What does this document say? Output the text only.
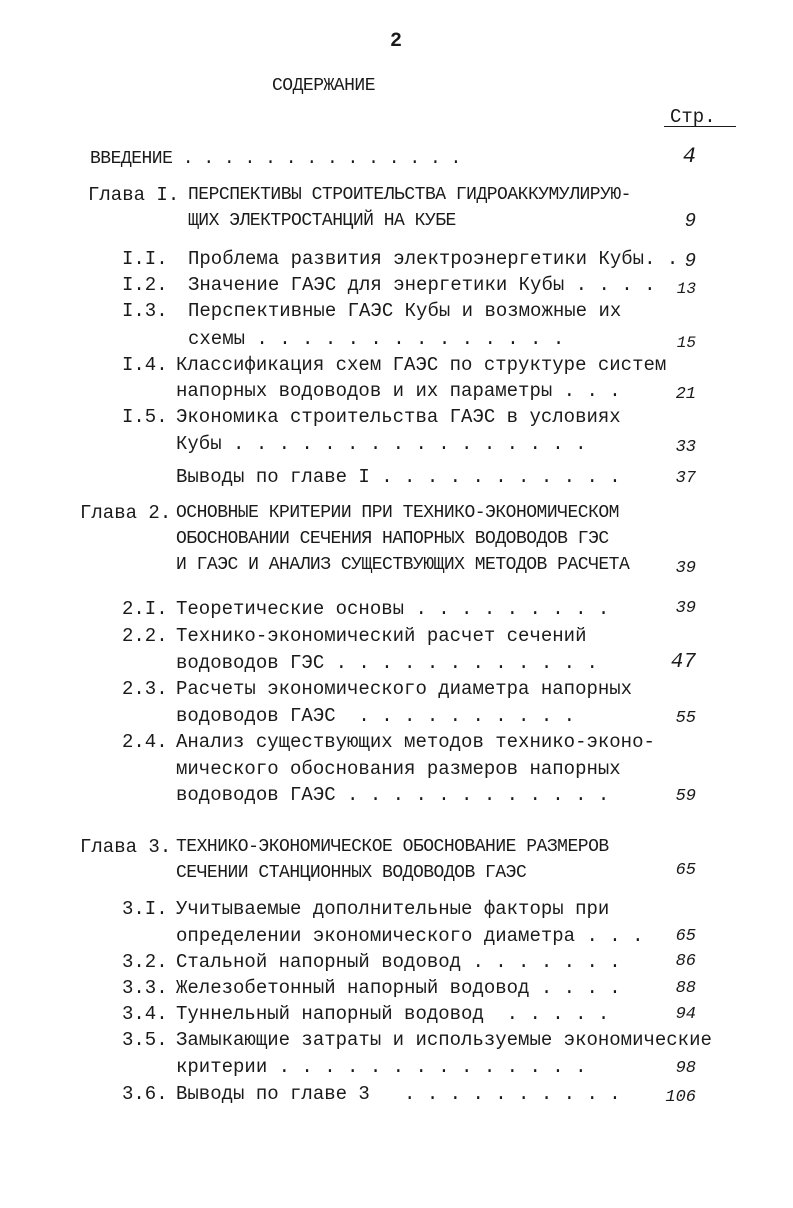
2
СОДЕРЖАНИЕ
Стр.
ВВЕДЕНИЕ . . . . . . . . . . . . . .	4
Глава I. ПЕРСПЕКТИВЫ СТРОИТЕЛЬСТВА ГИДРОАККУМУЛИРУЮ-
ЩИХ ЭЛЕКТРОСТАНЦИЙ НА КУБЕ	9
I.I. Проблема развития электроэнергетики Кубы. . 9
I.2. Значение ГАЭС для энергетики Кубы . . . .	13
I.3. Перспективные ГАЭС Кубы и возможные их
схемы . . . . . . . . . . . . . .	15
I.4. Классификация схем ГАЭС по структуре систем
напорных водоводов и их параметры . . .	21
I.5. Экономика строительства ГАЭС в условиях
Кубы . . . . . . . . . . . . . . . .	33
Выводы по главе I . . . . . . . . . . .	37
Глава 2. ОСНОВНЫЕ КРИТЕРИИ ПРИ ТЕХНИКО-ЭКОНОМИЧЕСКОМ
ОБОСНОВАНИИ СЕЧЕНИЯ НАПОРНЫХ ВОДОВОДОВ ГЭС
И ГАЭС И АНАЛИЗ СУЩЕСТВУЮЩИХ МЕТОДОВ РАСЧЕТА	39
2.I. Теоретические основы . . . . . . . . .	39
2.2. Технико-экономический расчет сечений
водоводов ГЭС . . . . . . . . . . . .	47
2.3. Расчеты экономического диаметра напорных
водоводов ГАЭС  . . . . . . . . . .	55
2.4. Анализ существующих методов технико-эконо-
мического обоснования размеров напорных
водоводов ГАЭС . . . . . . . . . . . .	59
Глава 3. ТЕХНИКО-ЭКОНОМИЧЕСКОЕ ОБОСНОВАНИЕ РАЗМЕРОВ
СЕЧЕНИИ СТАНЦИОННЫХ ВОДОВОДОВ ГАЭС	65
3.I. Учитываемые дополнительные факторы при
определении экономического диаметра . . .	65
3.2. Стальной напорный водовод . . . . . . .	86
3.3. Железобетонный напорный водовод . . . .	88
3.4. Туннельный напорный водовод  . . . . .	94
3.5. Замыкающие затраты и используемые экономические
критерии . . . . . . . . . . . . . .	98
3.6. Выводы по главе 3   . . . . . . . . . .	106
